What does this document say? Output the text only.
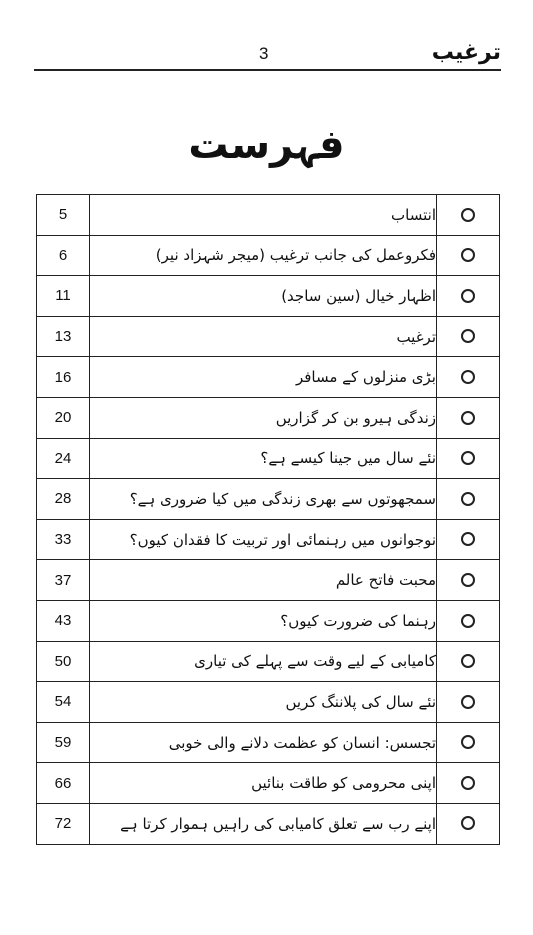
ترغیب
3
فہرست
5	انتساب	
6	فکروعمل کی جانب ترغیب (میجر شہزاد نیر)	
11	اظہار خیال (سین ساجد)	
13	ترغیب	
16	بڑی منزلوں کے مسافر	
20	زندگی ہیرو بن کر گزاریں	
24	نئے سال میں جینا کیسے ہے؟	
28	سمجھوتوں سے بھری زندگی میں کیا ضروری ہے؟	
33	نوجوانوں میں رہنمائی اور تربیت کا فقدان کیوں؟	
37	محبت فاتح عالم	
43	رہنما کی ضرورت کیوں؟	
50	کامیابی کے لیے وقت سے پہلے کی تیاری	
54	نئے سال کی پلاننگ کریں	
59	تجسس: انسان کو عظمت دلانے والی خوبی	
66	اپنی محرومی کو طاقت بنائیں	
72	اپنے رب سے تعلق کامیابی کی راہیں ہموار کرتا ہے	
